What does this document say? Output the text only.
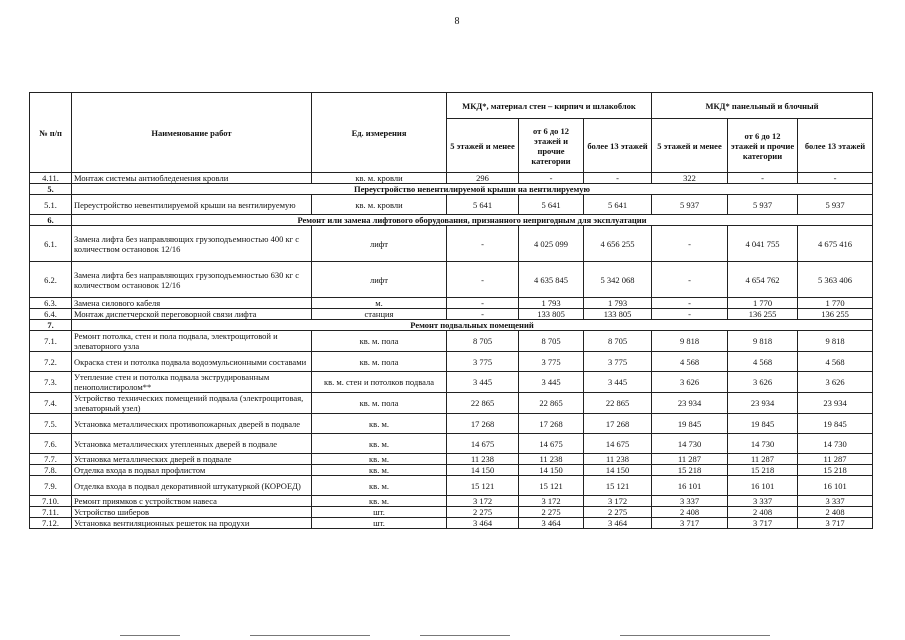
8
№ п/п	Наименование работ	Ед. измерения	МКД*, материал стен – кирпич и шлакоблок			МКД* панельный и блочный		
			5 этажей и менее	от 6 до 12 этажей и прочие категории	более 13 этажей	5 этажей и менее	от 6 до 12 этажей и прочие категории	более 13 этажей
4.11.	Монтаж системы антиобледенения кровли	кв. м. кровли	296	-	-	322	-	-
5.	Переустройство невентилируемой крыши на вентилируемую							
5.1.	Переустройство невентилируемой крыши на вентилируемую	кв. м. кровли	5 641	5 641	5 641	5 937	5 937	5 937
6.	Ремонт или замена лифтового оборудования, признанного непригодным для эксплуатации							
6.1.	Замена лифта без направляющих грузоподъемностью 400 кг с количеством остановок 12/16	лифт	-	4 025 099	4 656 255	-	4 041 755	4 675 416
6.2.	Замена лифта без направляющих грузоподъемностью 630 кг с количеством остановок 12/16	лифт	-	4 635 845	5 342 068	-	4 654 762	5 363 406
6.3.	Замена силового кабеля	м.	-	1 793	1 793	-	1 770	1 770
6.4.	Монтаж диспетчерской переговорной связи лифта	станция	-	133 805	133 805	-	136 255	136 255
7.	Ремонт подвальных помещений							
7.1.	Ремонт потолка, стен и пола подвала, электрощитовой и элеваторного узла	кв. м. пола	8 705	8 705	8 705	9 818	9 818	9 818
7.2.	Окраска стен и потолка подвала водоэмульсионными составами	кв. м. пола	3 775	3 775	3 775	4 568	4 568	4 568
7.3.	Утепление стен и потолка подвала экструдированным пенополистиролом**	кв. м. стен и потолков подвала	3 445	3 445	3 445	3 626	3 626	3 626
7.4.	Устройство технических помещений подвала (электрощитовая, элеваторный узел)	кв. м. пола	22 865	22 865	22 865	23 934	23 934	23 934
7.5.	Установка металлических противопожарных дверей в подвале	кв. м.	17 268	17 268	17 268	19 845	19 845	19 845
7.6.	Установка металлических утепленных дверей в подвале	кв. м.	14 675	14 675	14 675	14 730	14 730	14 730
7.7.	Установка металлических дверей в подвале	кв. м.	11 238	11 238	11 238	11 287	11 287	11 287
7.8.	Отделка входа в подвал профлистом	кв. м.	14 150	14 150	14 150	15 218	15 218	15 218
7.9.	Отделка входа в подвал декоративной штукатуркой (КОРОЕД)	кв. м.	15 121	15 121	15 121	16 101	16 101	16 101
7.10.	Ремонт приямков с устройством навеса	кв. м.	3 172	3 172	3 172	3 337	3 337	3 337
7.11.	Устройство шиберов	шт.	2 275	2 275	2 275	2 408	2 408	2 408
7.12.	Установка вентиляционных решеток на продухи	шт.	3 464	3 464	3 464	3 717	3 717	3 717
